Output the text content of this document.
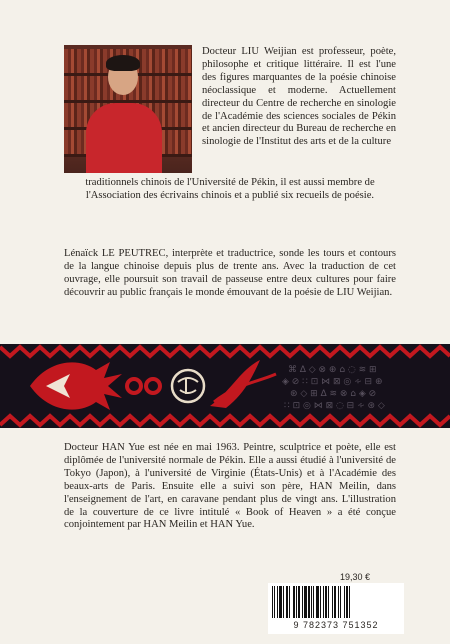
Docteur LIU Weijian est professeur, poète, philosophe et critique littéraire. Il est l'une des figures marquantes de la poésie chinoise néoclassique et moderne. Actuellement directeur du Centre de recherche en sinologie de l'Académie des sciences sociales de Pékin et ancien directeur du Bureau de recherche en sinologie de l'Institut des arts et de la culture

traditionnels chinois de l'Université de Pékin, il est aussi membre de l'Association des écrivains chinois et a publié six recueils de poésie.

Lénaïck LE PEUTREC, interprète et traductrice, sonde les tours et contours de la langue chinoise depuis plus de trente ans. Avec la traduction de cet ouvrage, elle poursuit son travail de passeuse entre deux cultures pour faire découvrir au public français le monde émouvant de la poésie de LIU Weijian.

⌘ ∆ ◇ ⊗ ⊕ ⌂ ◌ ≋ ⊞
◈ ⊘ ∷ ⊡ ⋈ ⊠ ◎ ∻ ⊟ ⊕
⊛ ◇ ⊞ ∆ ≋ ⊗ ⌂ ◈ ⊘
∷ ⊡ ◎ ⋈ ⊠ ◌ ⊟ ∻ ⊛ ◇

Docteur HAN Yue est née en mai 1963. Peintre, sculptrice et poète, elle est diplômée de l'université normale de Pékin. Elle a aussi étudié à l'université de Tokyo (Japon), à l'université de Virginie (États-Unis) et à l'Académie des beaux-arts de Paris. Ensuite elle a suivi son père, HAN Meilin, dans l'enseignement de l'art, en caravane pendant plus de vingt ans. L'illustration de la couverture de ce livre intitulé « Book of Heaven » a été conçue conjointement par HAN Meilin et HAN Yue.

19,30 €
9 782373 751352
